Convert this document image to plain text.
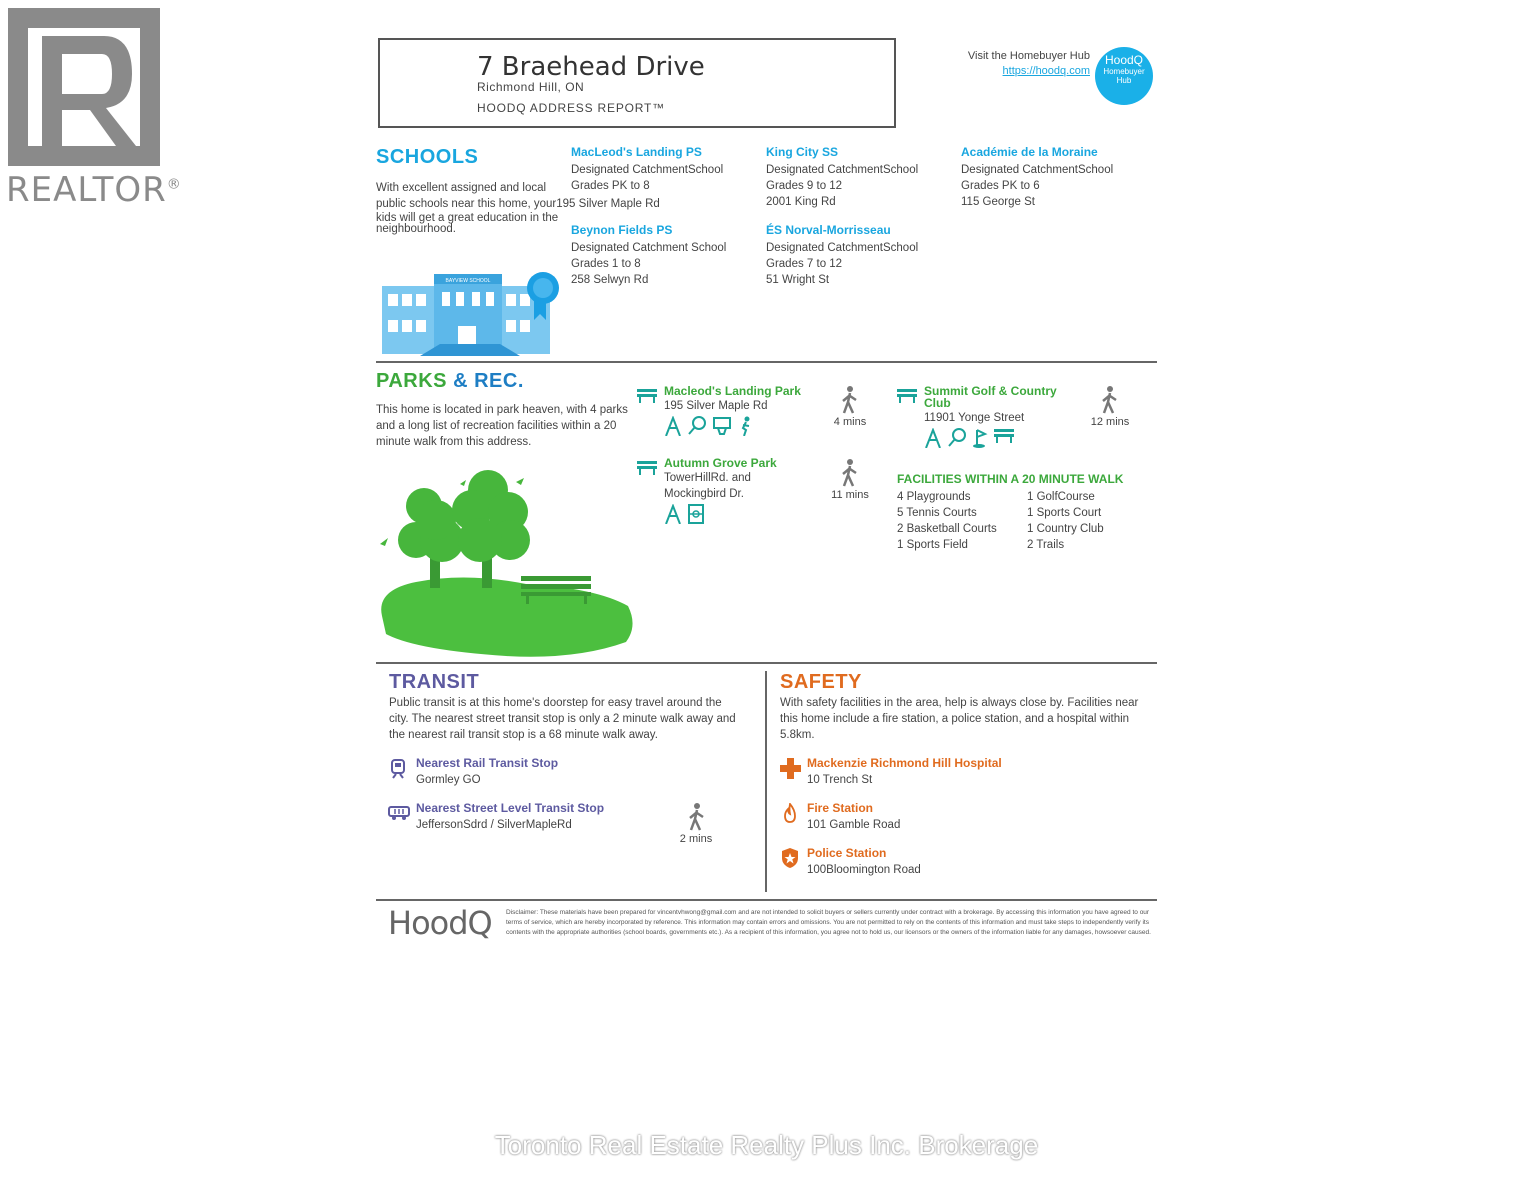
REALTOR®
7 Braehead Drive
Richmond Hill, ON
HOODQ ADDRESS REPORT™
Visit the Homebuyer Hub
https://hoodq.com
HoodQ
Homebuyer
Hub
SCHOOLS
With excellent assigned and local
public schools near this home, your195 Silver Maple Rd
kids will get a great education in the
neighbourhood.
BAYVIEW SCHOOL
MacLeod's Landing PS
Designated CatchmentSchool
Grades PK to 8
King City SS
Designated CatchmentSchool
Grades 9 to 12
2001 King Rd
Académie de la Moraine
Designated CatchmentSchool
Grades PK to 6
115 George St
Beynon Fields PS
Designated Catchment School
Grades 1 to 8
258 Selwyn Rd
ÉS Norval-Morrisseau
Designated CatchmentSchool
Grades 7 to 12
51 Wright St
PARKS & REC.
This home is located in park heaven, with 4 parks
and a long list of recreation facilities within a 20
minute walk from this address.
Macleod's Landing Park
195 Silver Maple Rd
4 mins
Autumn Grove Park
TowerHillRd. and
Mockingbird Dr.	11 mins
Summit Golf & Country
Club
11901 Yonge Street	12 mins
FACILITIES WITHIN A 20 MINUTE WALK
4 Playgrounds
5 Tennis Courts
2 Basketball Courts
1 Sports Field
1 GolfCourse
1 Sports Court
1 Country Club
2 Trails
TRANSIT
Public transit is at this home's doorstep for easy travel around the
city. The nearest street transit stop is only a 2 minute walk away and
the nearest rail transit stop is a 68 minute walk away.
Nearest Rail Transit Stop
Gormley GO
Nearest Street Level Transit Stop
JeffersonSdrd / SilverMapleRd
2 mins
SAFETY
With safety facilities in the area, help is always close by. Facilities near
this home include a fire station, a police station, and a hospital within
5.8km.
Mackenzie Richmond Hill Hospital
10 Trench St
Fire Station
101 Gamble Road
Police Station
100Bloomington Road
HoodQ Disclaimer: These materials have been prepared for vincentvhwong@gmail.com and are not intended to solicit buyers or sellers currently under contract with a brokerage. By accessing this information you have agreed to our
terms of service, which are hereby incorporated by reference. This information may contain errors and omissions. You are not permitted to rely on the contents of this information and must take steps to independently verify its
contents with the appropriate authorities (school boards, governments etc.). As a recipient of this information, you agree not to hold us, our licensors or the owners of the information liable for any damages, howsoever caused.
Toronto Real Estate Realty Plus Inc. Brokerage
